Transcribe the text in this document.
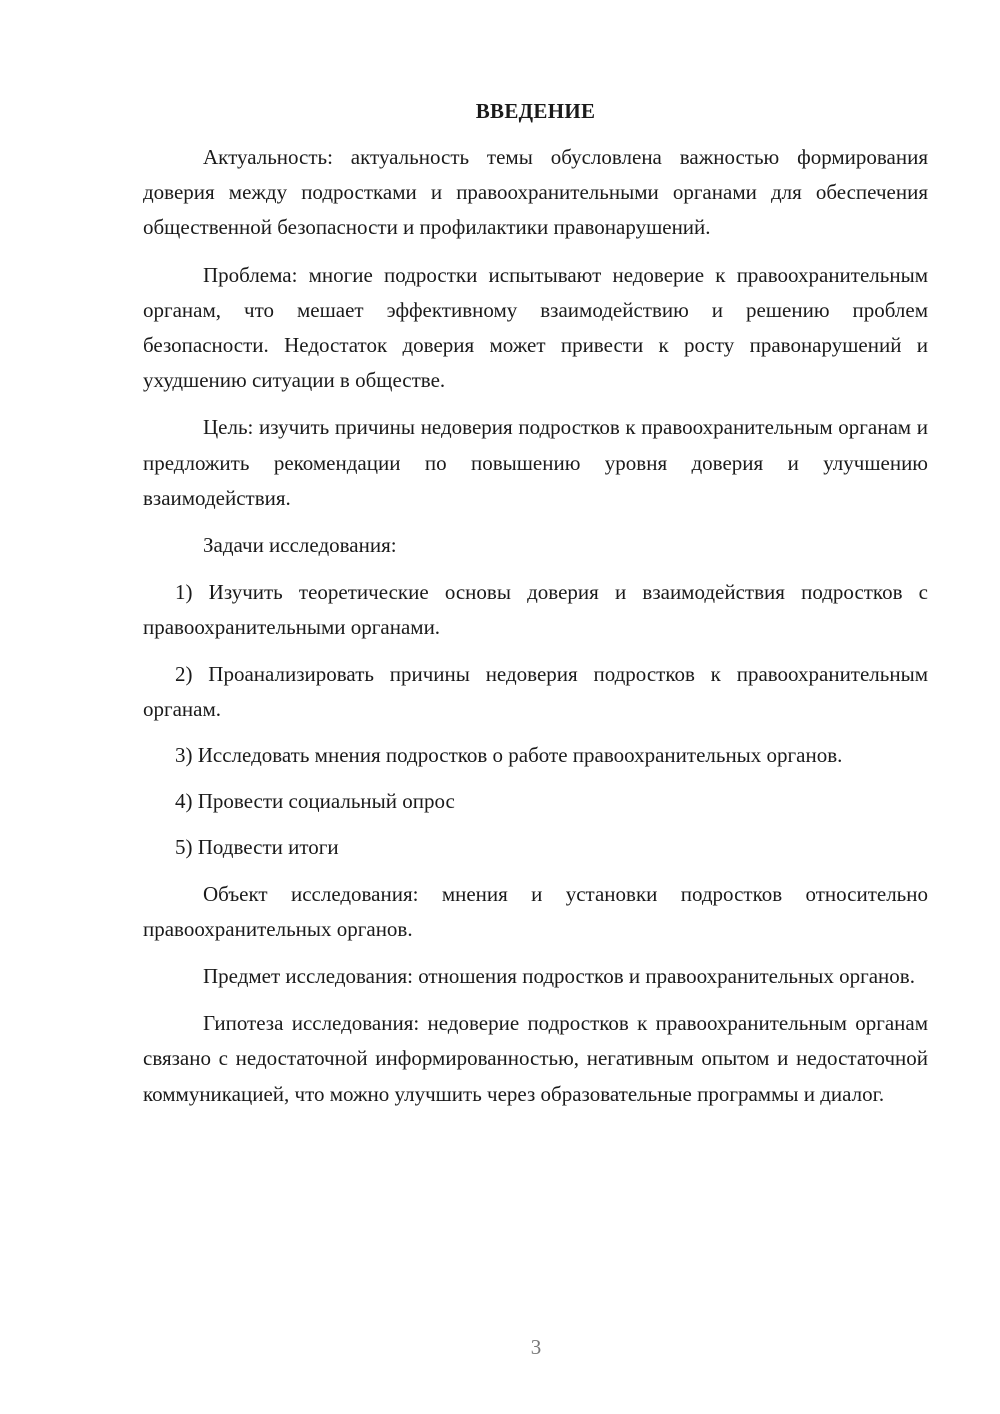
ВВЕДЕНИЕ

Актуальность: актуальность темы обусловлена важностью формирования доверия между подростками и правоохранительными органами для обеспечения общественной безопасности и профилактики правонарушений.

Проблема: многие подростки испытывают недоверие к правоохранительным органам, что мешает эффективному взаимодействию и решению проблем безопасности. Недостаток доверия может привести к росту правонарушений и ухудшению ситуации в обществе.

Цель: изучить причины недоверия подростков к правоохранительным органам и предложить рекомендации по повышению уровня доверия и улучшению взаимодействия.

Задачи исследования:

1) Изучить теоретические основы доверия и взаимодействия подростков с правоохранительными органами.

2) Проанализировать причины недоверия подростков к правоохранительным органам.

3) Исследовать мнения подростков о работе правоохранительных органов.

4) Провести социальный опрос

5) Подвести итоги

Объект исследования: мнения и установки подростков относительно правоохранительных органов.

Предмет исследования: отношения подростков и правоохранительных органов.

Гипотеза исследования: недоверие подростков к правоохранительным органам связано с недостаточной информированностью, негативным опытом и недостаточной коммуникацией, что можно улучшить через образовательные программы и диалог.

3
